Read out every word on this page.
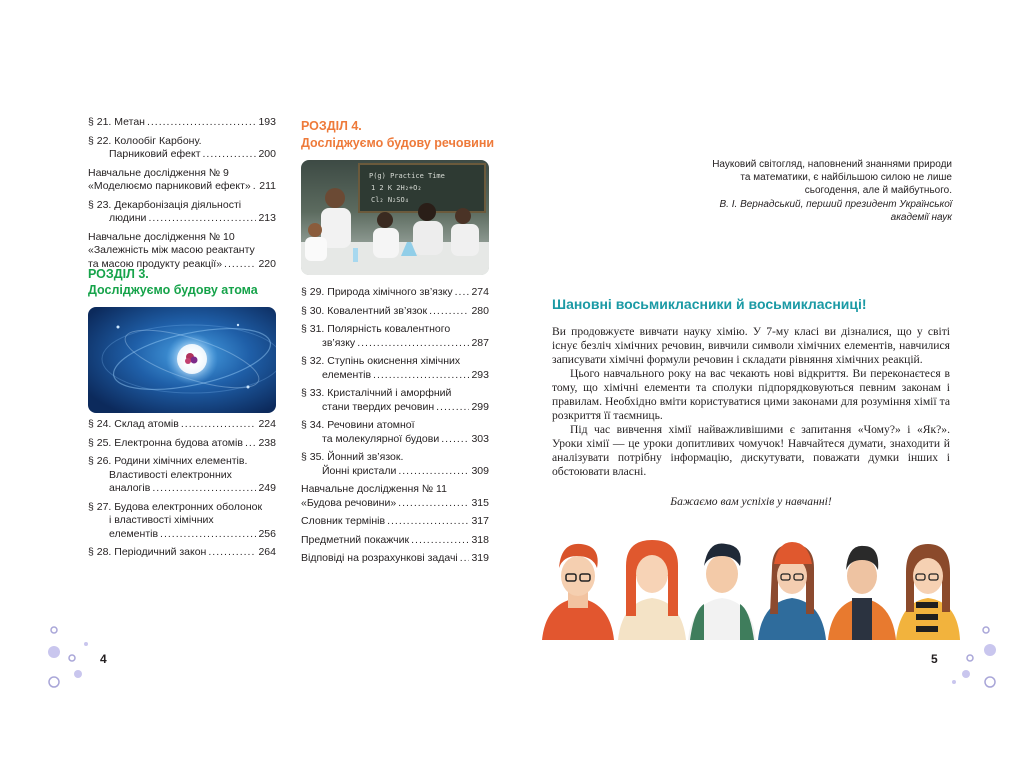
§ 21. Метан .....	193
§ 22. Колообіг Карбону.
Парниковий ефект .....	200
Навчальне дослідження № 9
«Моделюємо парниковий ефект» ..... 211
§ 23. Декарбонізація діяльності
людини .....	213
Навчальне дослідження № 10
«Залежність між масою реактанту
та масою продукту реакції» .....	220
РОЗДІЛ 3.
Досліджуємо будову атома
§ 24. Склад атомів .....	224
§ 25. Електронна будова атомів ..... 238
§ 26. Родини хімічних елементів.
Властивості електронних
аналогів .....	249
§ 27. Будова електронних оболонок
і властивості хімічних
елементів .....	256
§ 28. Періодичний закон .....	264
РОЗДІЛ 4.
Досліджуємо будову речовини
P(g) Practice Time
1 2 K 2H₂+O₂
Cl₂ N₂SO₄
§ 29. Природа хімічного зв’язку ..... 274
§ 30. Ковалентний зв’язок .....	280
§ 31. Полярність ковалентного
зв’язку .....	287
§ 32. Ступінь окиснення хімічних
елементів .....	293
§ 33. Кристалічний і аморфний
стани твердих речовин .....	299
§ 34. Речовини атомної
та молекулярної будови .....	303
§ 35. Йонний зв’язок.
Йонні кристали .....	309
Навчальне дослідження № 11
«Будова речовини» .....	315
Словник термінів .....	317
Предметний покажчик .....	318
Відповіді на розрахункові задачі ..... 319
Науковий світогляд, наповнений знаннями природи та математики, є найбільшою силою не лише сьогодення, але й майбутнього.
В. І. Вернадський, перший президент Української академії наук
Шановні восьмикласники й восьмикласниці!

Ви продовжуєте вивчати науку хімію. У 7-му класі ви дізналися, що у світі існує безліч хімічних речовин, вивчили символи хімічних елементів, навчилися записувати хімічні формули речовин і складати рівняння хімічних реакцій.

Цього навчального року на вас чекають нові відкриття. Ви переконаєтеся в тому, що хімічні елементи та сполуки підпорядковуються певним законам і правилам. Необхідно вміти користуватися цими законами для розуміння хімії та розкриття її таємниць.

Під час вивчення хімії найважливішими є запитання «Чому?» і «Як?». Уроки хімії — це уроки допитливих чомучок! Навчайтеся думати, знаходити й аналізувати потрібну інформацію, дискутувати, поважати думки інших і обстоювати власні.

Бажаємо вам успіхів у навчанні!
4	5
